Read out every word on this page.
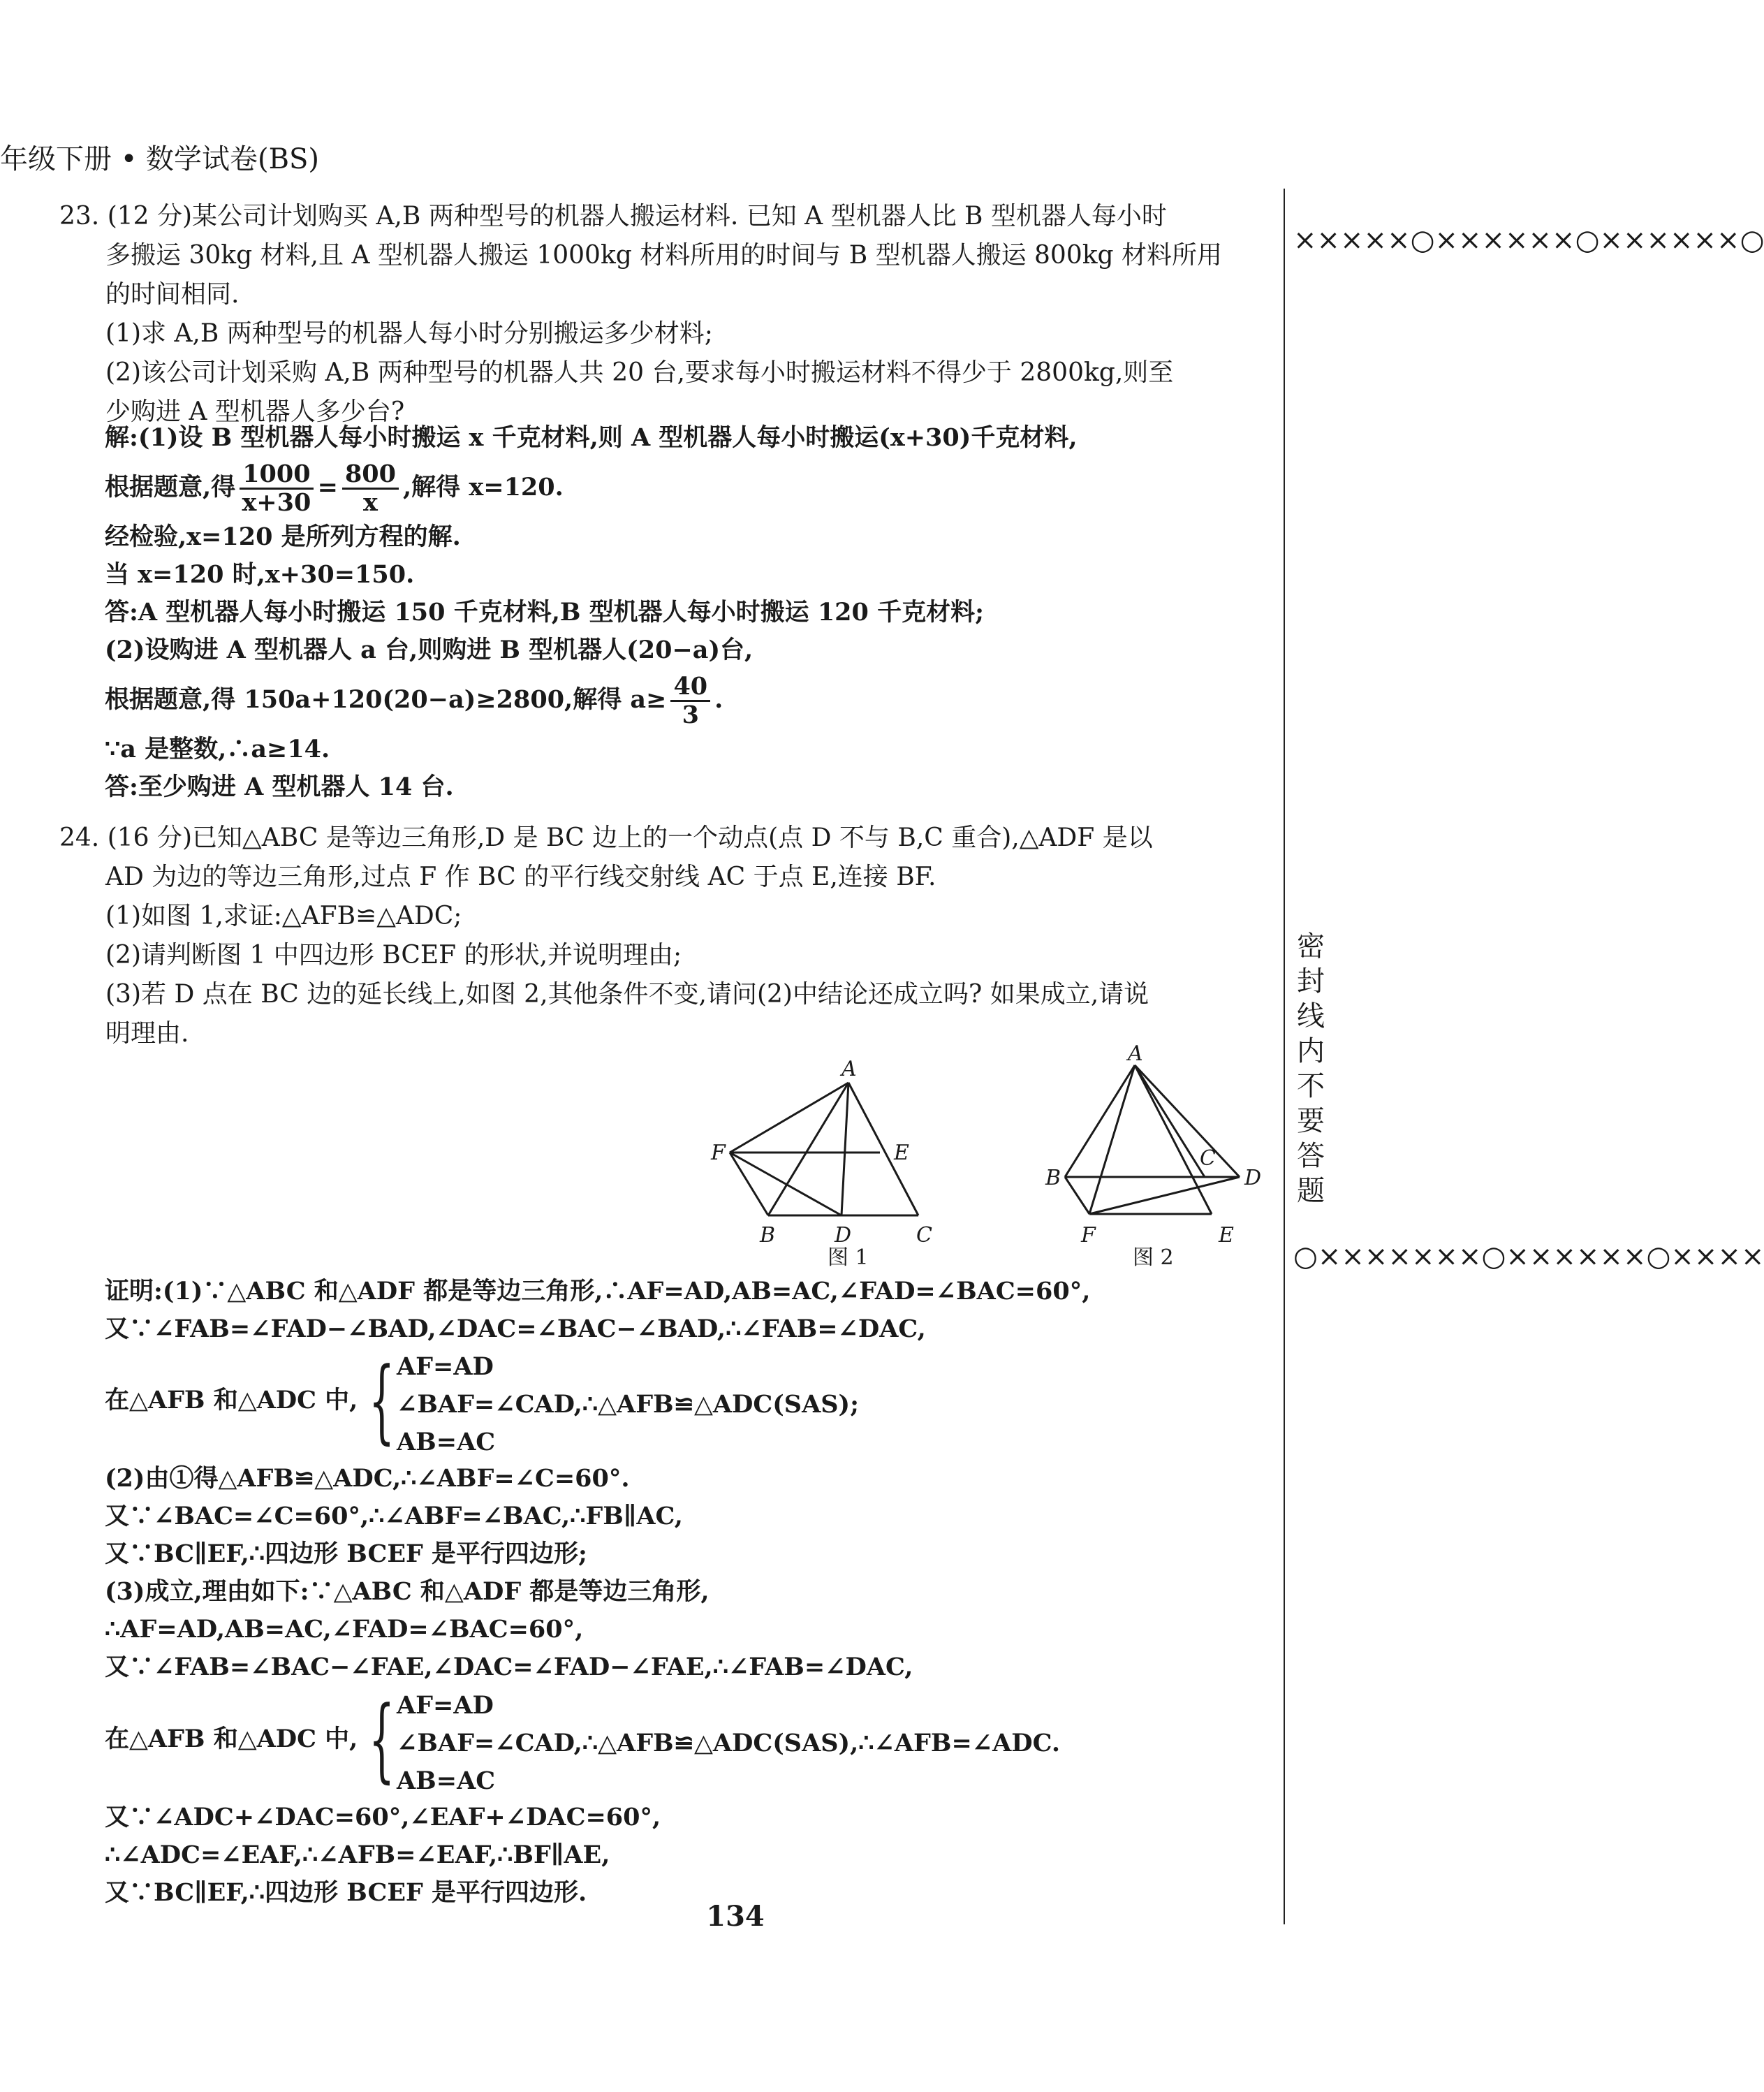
年级下册 • 数学试卷(BS)
23. (12 分)某公司计划购买 A,B 两种型号的机器人搬运材料. 已知 A 型机器人比 B 型机器人每小时
多搬运 30kg 材料,且 A 型机器人搬运 1000kg 材料所用的时间与 B 型机器人搬运 800kg 材料所用
的时间相同.
(1)求 A,B 两种型号的机器人每小时分别搬运多少材料;
(2)该公司计划采购 A,B 两种型号的机器人共 20 台,要求每小时搬运材料不得少于 2800kg,则至
少购进 A 型机器人多少台?
解:(1)设 B 型机器人每小时搬运 x 千克材料,则 A 型机器人每小时搬运(x+30)千克材料,
根据题意,得 $\frac{1000}{x+30} = \frac{800}{x}$ ,解得 x=120.
经检验,x=120 是所列方程的解.
当 x=120 时,x+30=150.
答:A 型机器人每小时搬运 150 千克材料,B 型机器人每小时搬运 120 千克材料;
(2)设购进 A 型机器人 a 台,则购进 B 型机器人(20−a)台,
根据题意,得 150a+120(20−a)≥2800,解得 $a\ge \frac{40}{3}$ .
∵a 是整数,∴a≥14.
答:至少购进 A 型机器人 14 台.
24. (16 分)已知△ABC 是等边三角形,D 是 BC 边上的一个动点(点 D 不与 B,C 重合),△ADF 是以
AD 为边的等边三角形,过点 F 作 BC 的平行线交射线 AC 于点 E,连接 BF.
(1)如图 1,求证:△AFB≌△ADC;
(2)请判断图 1 中四边形 BCEF 的形状,并说明理由;
(3)若 D 点在 BC 边的延长线上,如图 2,其他条件不变,请问(2)中结论还成立吗? 如果成立,请说
明理由.
A
F	E
B	D	C
图 1
A
B
C
D
F	E
图 2
证明:(1)∵△ABC 和△ADF 都是等边三角形,∴AF=AD,AB=AC,∠FAD=∠BAC=60°,
又∵∠FAB=∠FAD−∠BAD,∠DAC=∠BAC−∠BAD,∴∠FAB=∠DAC,
在△AFB 和△ADC 中, { AF=AD
∠BAF=∠CAD,∴△AFB≌△ADC(SAS);
AB=AC
(2)由①得△AFB≌△ADC,∴∠ABF=∠C=60°.
又∵∠BAC=∠C=60°,∴∠ABF=∠BAC,∴FB∥AC,
又∵BC∥EF,∴四边形 BCEF 是平行四边形;
(3)成立,理由如下:∵△ABC 和△ADF 都是等边三角形,
∴AF=AD,AB=AC,∠FAD=∠BAC=60°,
又∵∠FAB=∠BAC−∠FAE,∠DAC=∠FAD−∠FAE,∴∠FAB=∠DAC,
在△AFB 和△ADC 中, { AF=AD
∠BAF=∠CAD,∴△AFB≌△ADC(SAS),∴∠AFB=∠ADC.
AB=AC
又∵∠ADC+∠DAC=60°,∠EAF+∠DAC=60°,
∴∠ADC=∠EAF,∴∠AFB=∠EAF,∴BF∥AE,
又∵BC∥EF,∴四边形 BCEF 是平行四边形.
×××××○××××××○××××××○
密封线内不要答题
○×××××××○××××××○××××
134
